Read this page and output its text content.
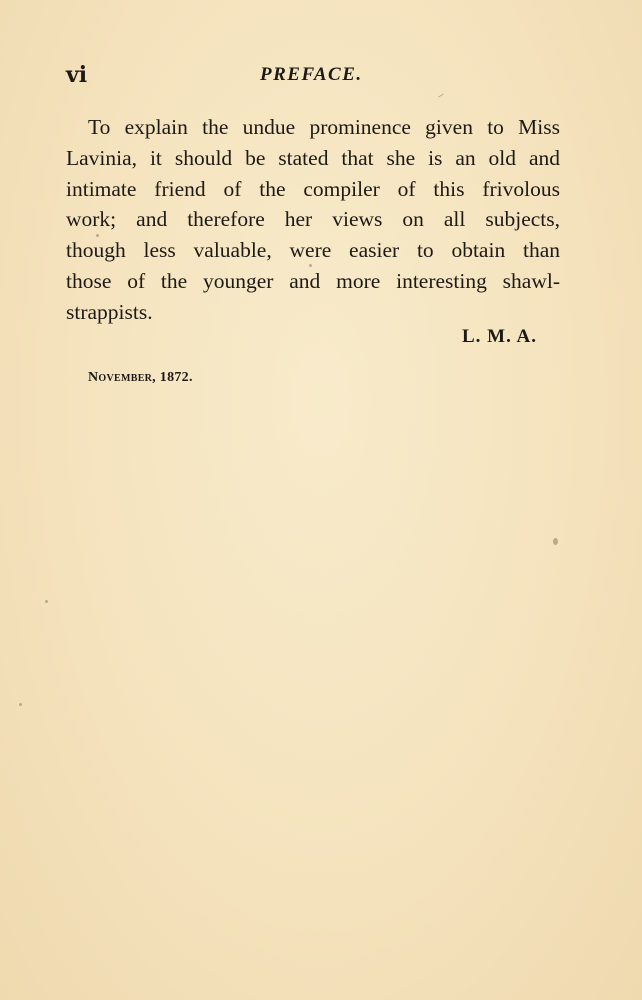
vi	PREFACE.
To explain the undue prominence given to Miss
Lavinia, it should be stated that she is an old and
intimate friend of the compiler of this frivolous
work; and therefore her views on all subjects,
though less valuable, were easier to obtain than
those of the younger and more interesting shawl-
strappists.
L. M. A.
November, 1872.
